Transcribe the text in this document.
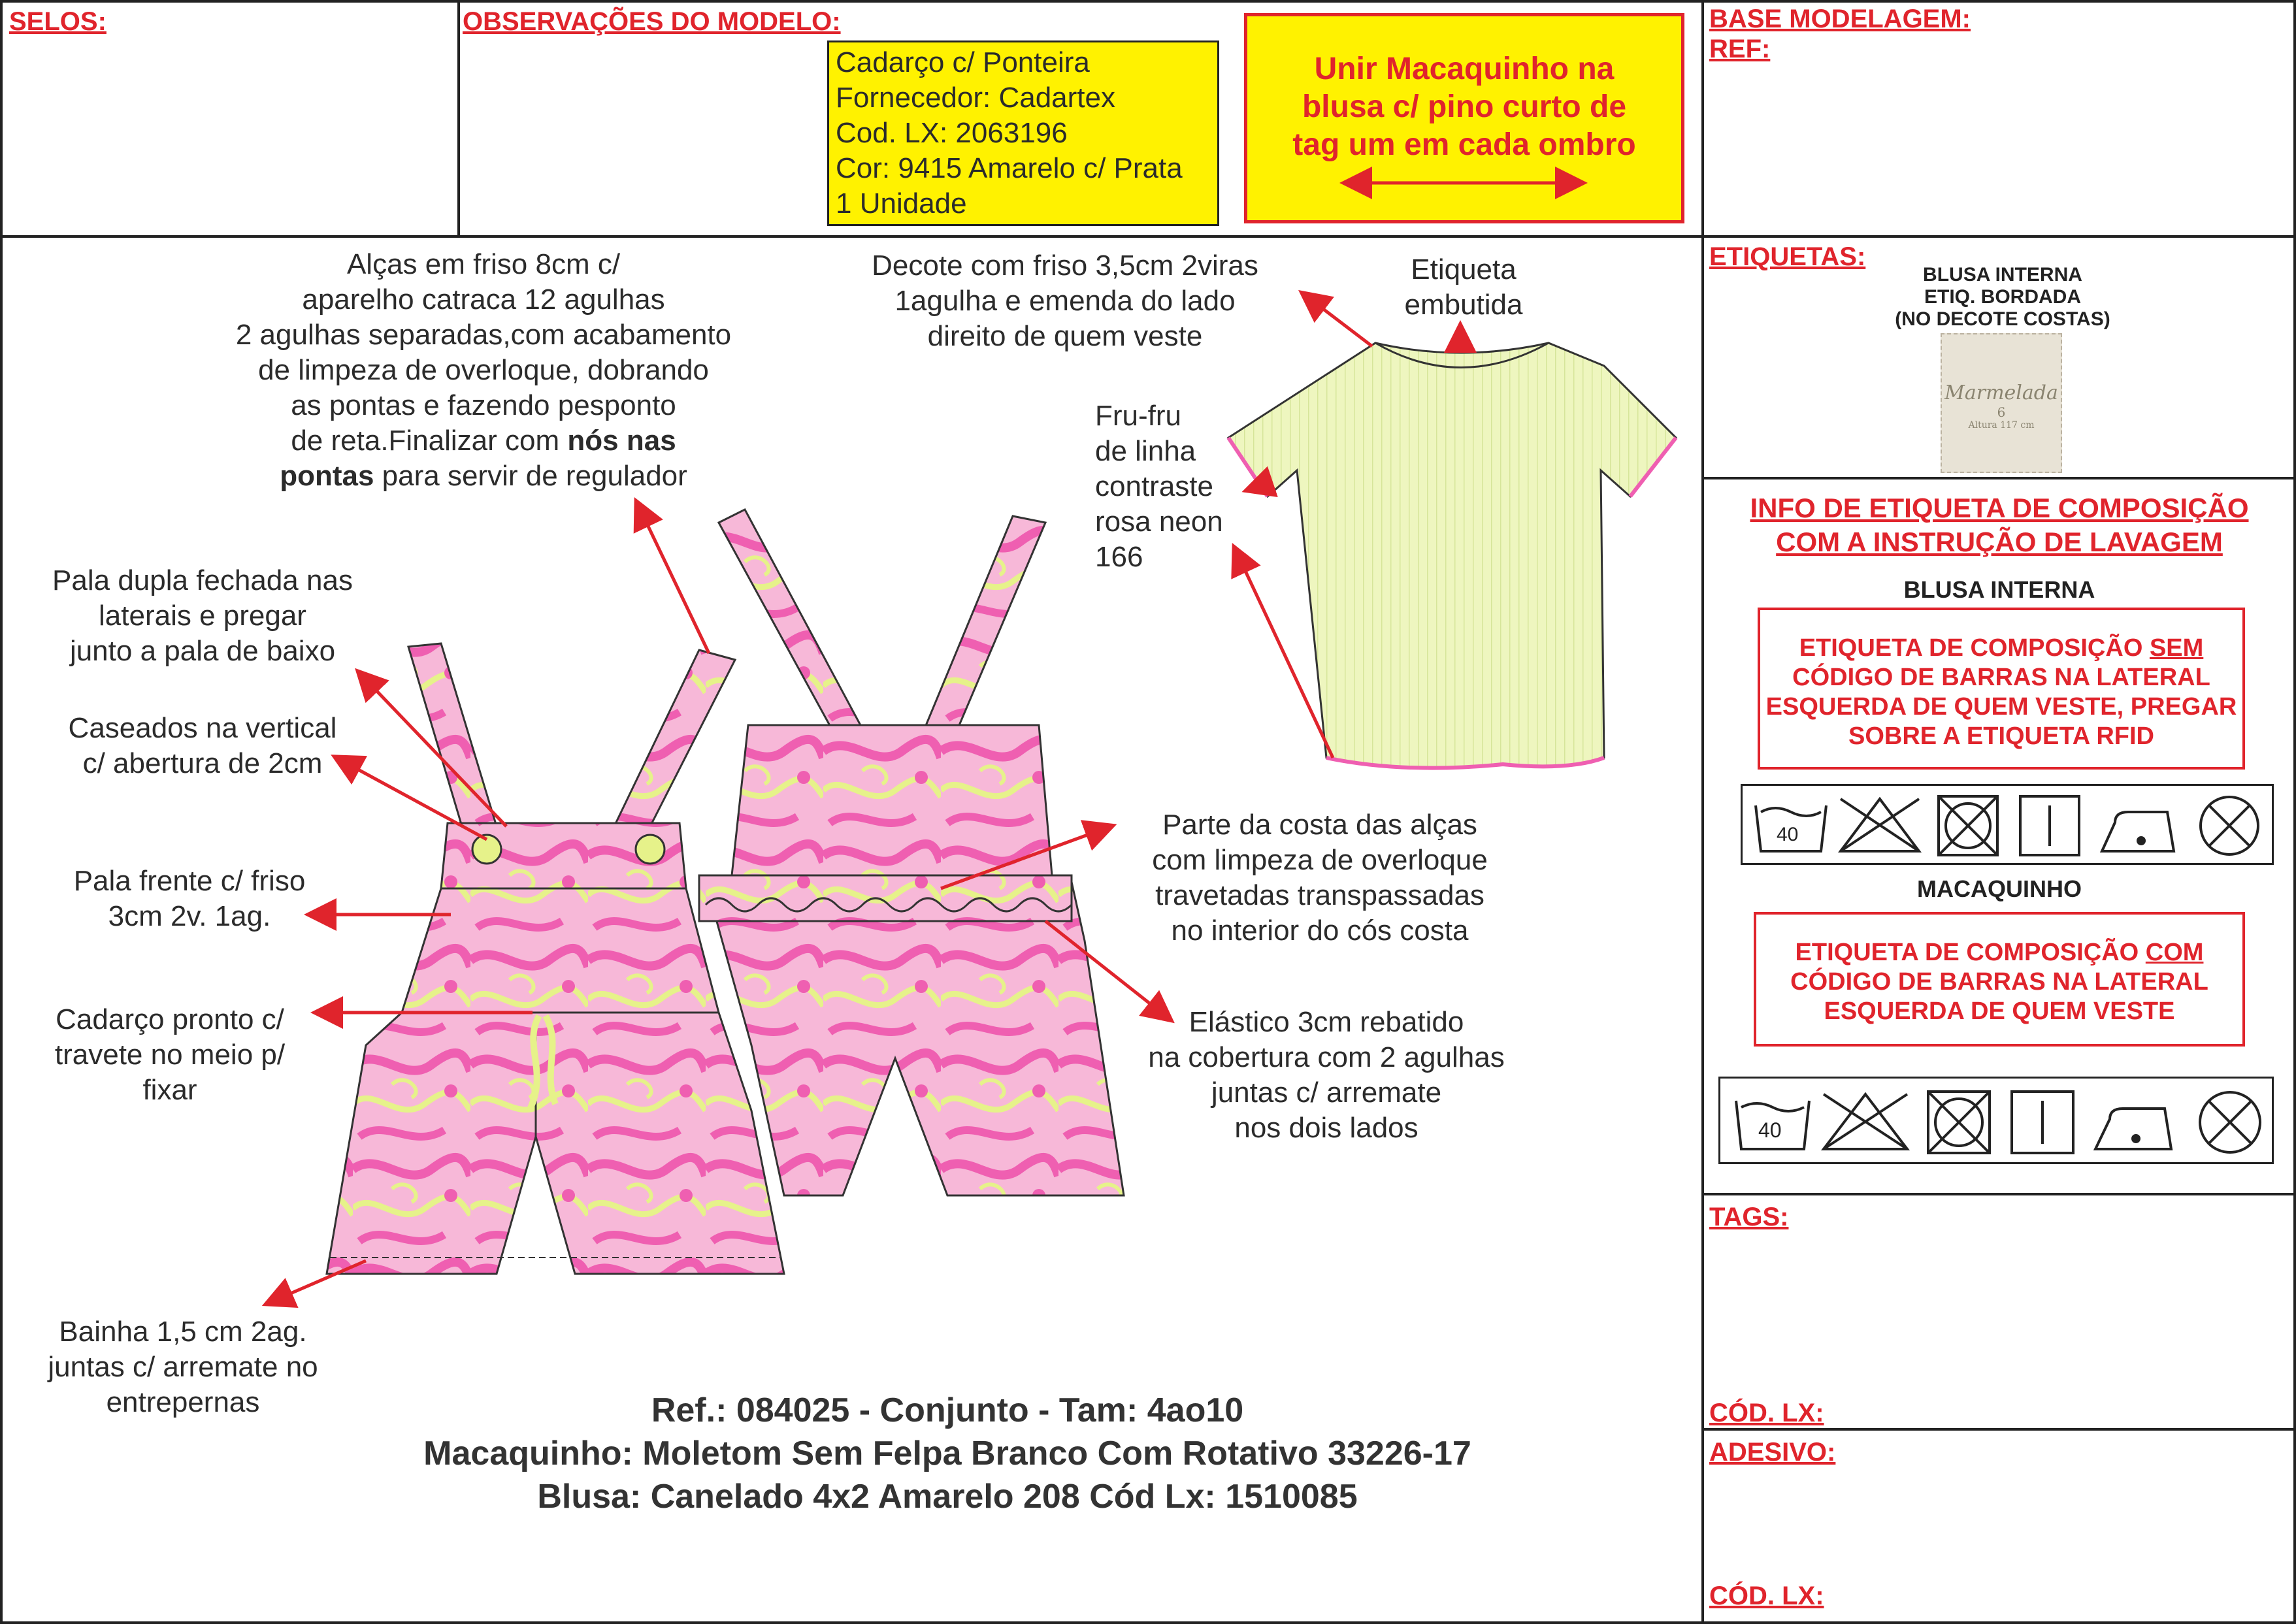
SELOS:	OBSERVAÇÕES DO MODELO:	BASE MODELAGEM:
REF:
Cadarço c/ Ponteira
Fornecedor: Cadartex
Cod. LX: 2063196
Cor: 9415 Amarelo c/ Prata
1 Unidade
Unir Macaquinho na
blusa c/ pino curto de
tag um em cada ombro
Alças em friso 8cm c/
aparelho catraca 12 agulhas
2 agulhas separadas,com acabamento
de limpeza de overloque, dobrando
as pontas e fazendo pesponto
de reta.Finalizar com nós nas
pontas para servir de regulador
Decote com friso 3,5cm 2viras
1agulha e emenda do lado
direito de quem veste
Etiqueta
embutida
Fru-fru
de linha
contraste
rosa neon
166
Pala dupla fechada nas
laterais e pregar
junto a pala de baixo
Caseados na vertical
c/ abertura de 2cm
Pala frente c/ friso
3cm 2v. 1ag.
Cadarço pronto c/
travete no meio p/
fixar
Bainha 1,5 cm 2ag.
juntas c/ arremate no
entrepernas
Parte da costa das alças
com limpeza de overloque
travetadas transpassadas
no interior do cós costa
Elástico 3cm rebatido
na cobertura com 2 agulhas
juntas c/ arremate
nos dois lados
Ref.: 084025 - Conjunto - Tam: 4ao10
Macaquinho: Moletom Sem Felpa Branco Com Rotativo 33226-17
Blusa: Canelado 4x2 Amarelo 208 Cód Lx: 1510085
ETIQUETAS:
BLUSA INTERNA
ETIQ. BORDADA
(NO DECOTE COSTAS)
Marmelada
6
Altura 117 cm
INFO DE ETIQUETA DE COMPOSIÇÃO
COM A INSTRUÇÃO DE LAVAGEM
BLUSA INTERNA
ETIQUETA DE COMPOSIÇÃO SEM
CÓDIGO DE BARRAS NA LATERAL
ESQUERDA DE QUEM VESTE, PREGAR
SOBRE A ETIQUETA RFID
40
MACAQUINHO
ETIQUETA DE COMPOSIÇÃO COM
CÓDIGO DE BARRAS NA LATERAL
ESQUERDA DE QUEM VESTE
40
TAGS:
CÓD. LX:
ADESIVO:
CÓD. LX:
